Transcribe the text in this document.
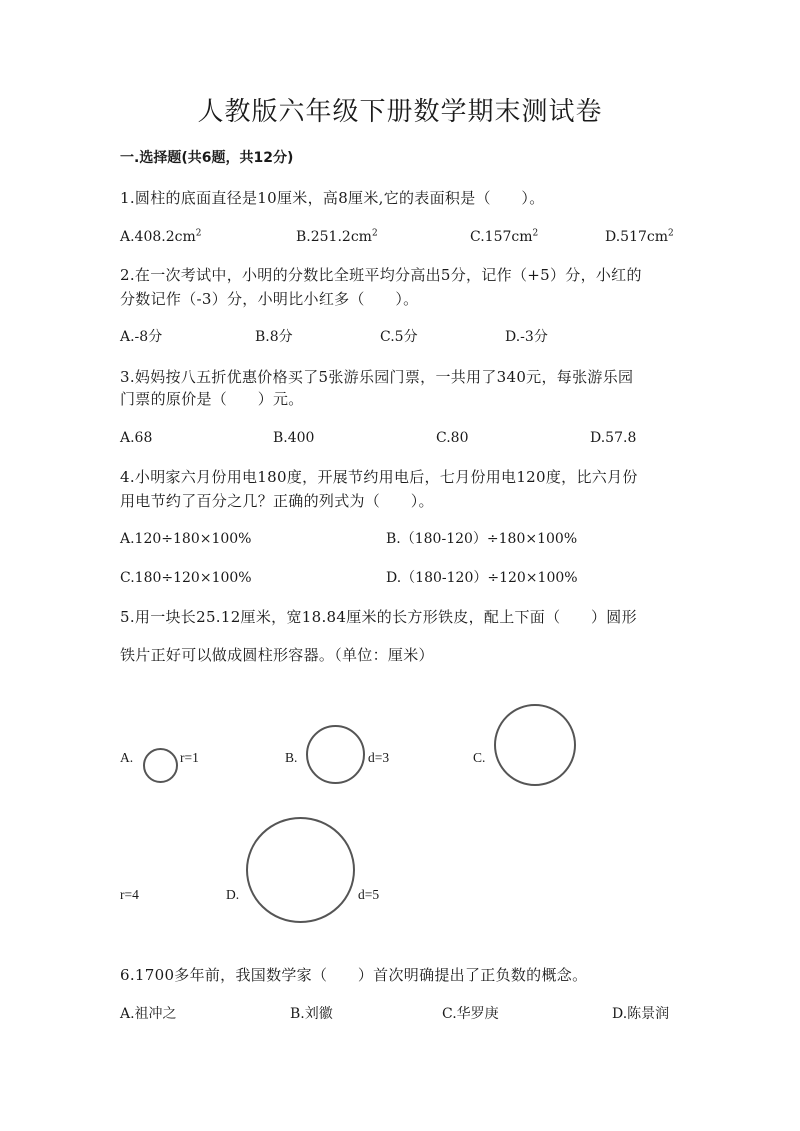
人教版六年级下册数学期末测试卷
一.选择题(共6题，共12分)
1.圆柱的底面直径是10厘米，高8厘米,它的表面积是（　　）。
$A.408.2cm^2$	$B.251.2cm^2$	$C.157cm^2$	$D.517cm^2$
2.在一次考试中，小明的分数比全班平均分高出5分，记作（+5）分，小红的
分数记作（-3）分，小明比小红多（　　）。
A.-8分	B.8分	C.5分	D.-3分
3.妈妈按八五折优惠价格买了5张游乐园门票，一共用了340元，每张游乐园
门票的原价是（　　）元。
A.68	B.400	C.80	D.57.8
4.小明家六月份用电180度，开展节约用电后，七月份用电120度，比六月份
用电节约了百分之几？正确的列式为（　　）。
A.120÷180×100%	B.（180-120）÷180×100%
C.180÷120×100%	D.（180-120）÷120×100%
5.用一块长25.12厘米，宽18.84厘米的长方形铁皮，配上下面（　　）圆形
铁片正好可以做成圆柱形容器。（单位：厘米）
A.	r=1	B.	d=3	C.
r=4	D.	d=5
6.1700多年前，我国数学家（　　）首次明确提出了正负数的概念。
A.祖冲之	B.刘徽	C.华罗庚	D.陈景润
